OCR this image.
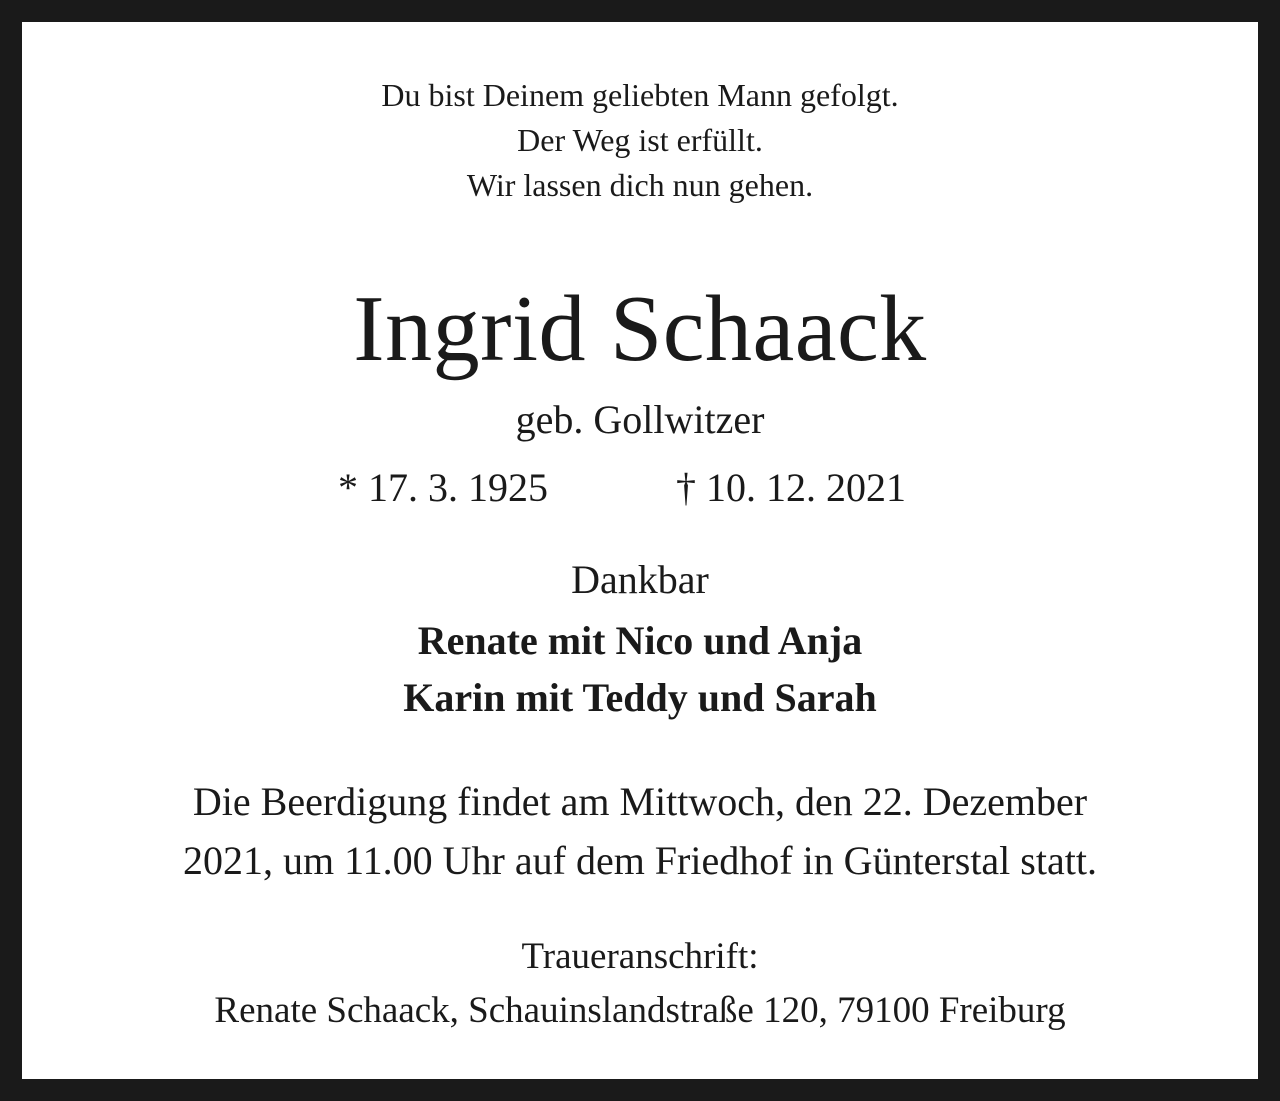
Du bist Deinem geliebten Mann gefolgt.
Der Weg ist erfüllt.
Wir lassen dich nun gehen.
Ingrid Schaack
geb. Gollwitzer
* 17. 3. 1925	† 10. 12. 2021
Dankbar
Renate mit Nico und Anja
Karin mit Teddy und Sarah
Die Beerdigung findet am Mittwoch, den 22. Dezember
2021, um 11.00 Uhr auf dem Friedhof in Günterstal statt.
Traueranschrift:
Renate Schaack, Schauinslandstraße 120, 79100 Freiburg
